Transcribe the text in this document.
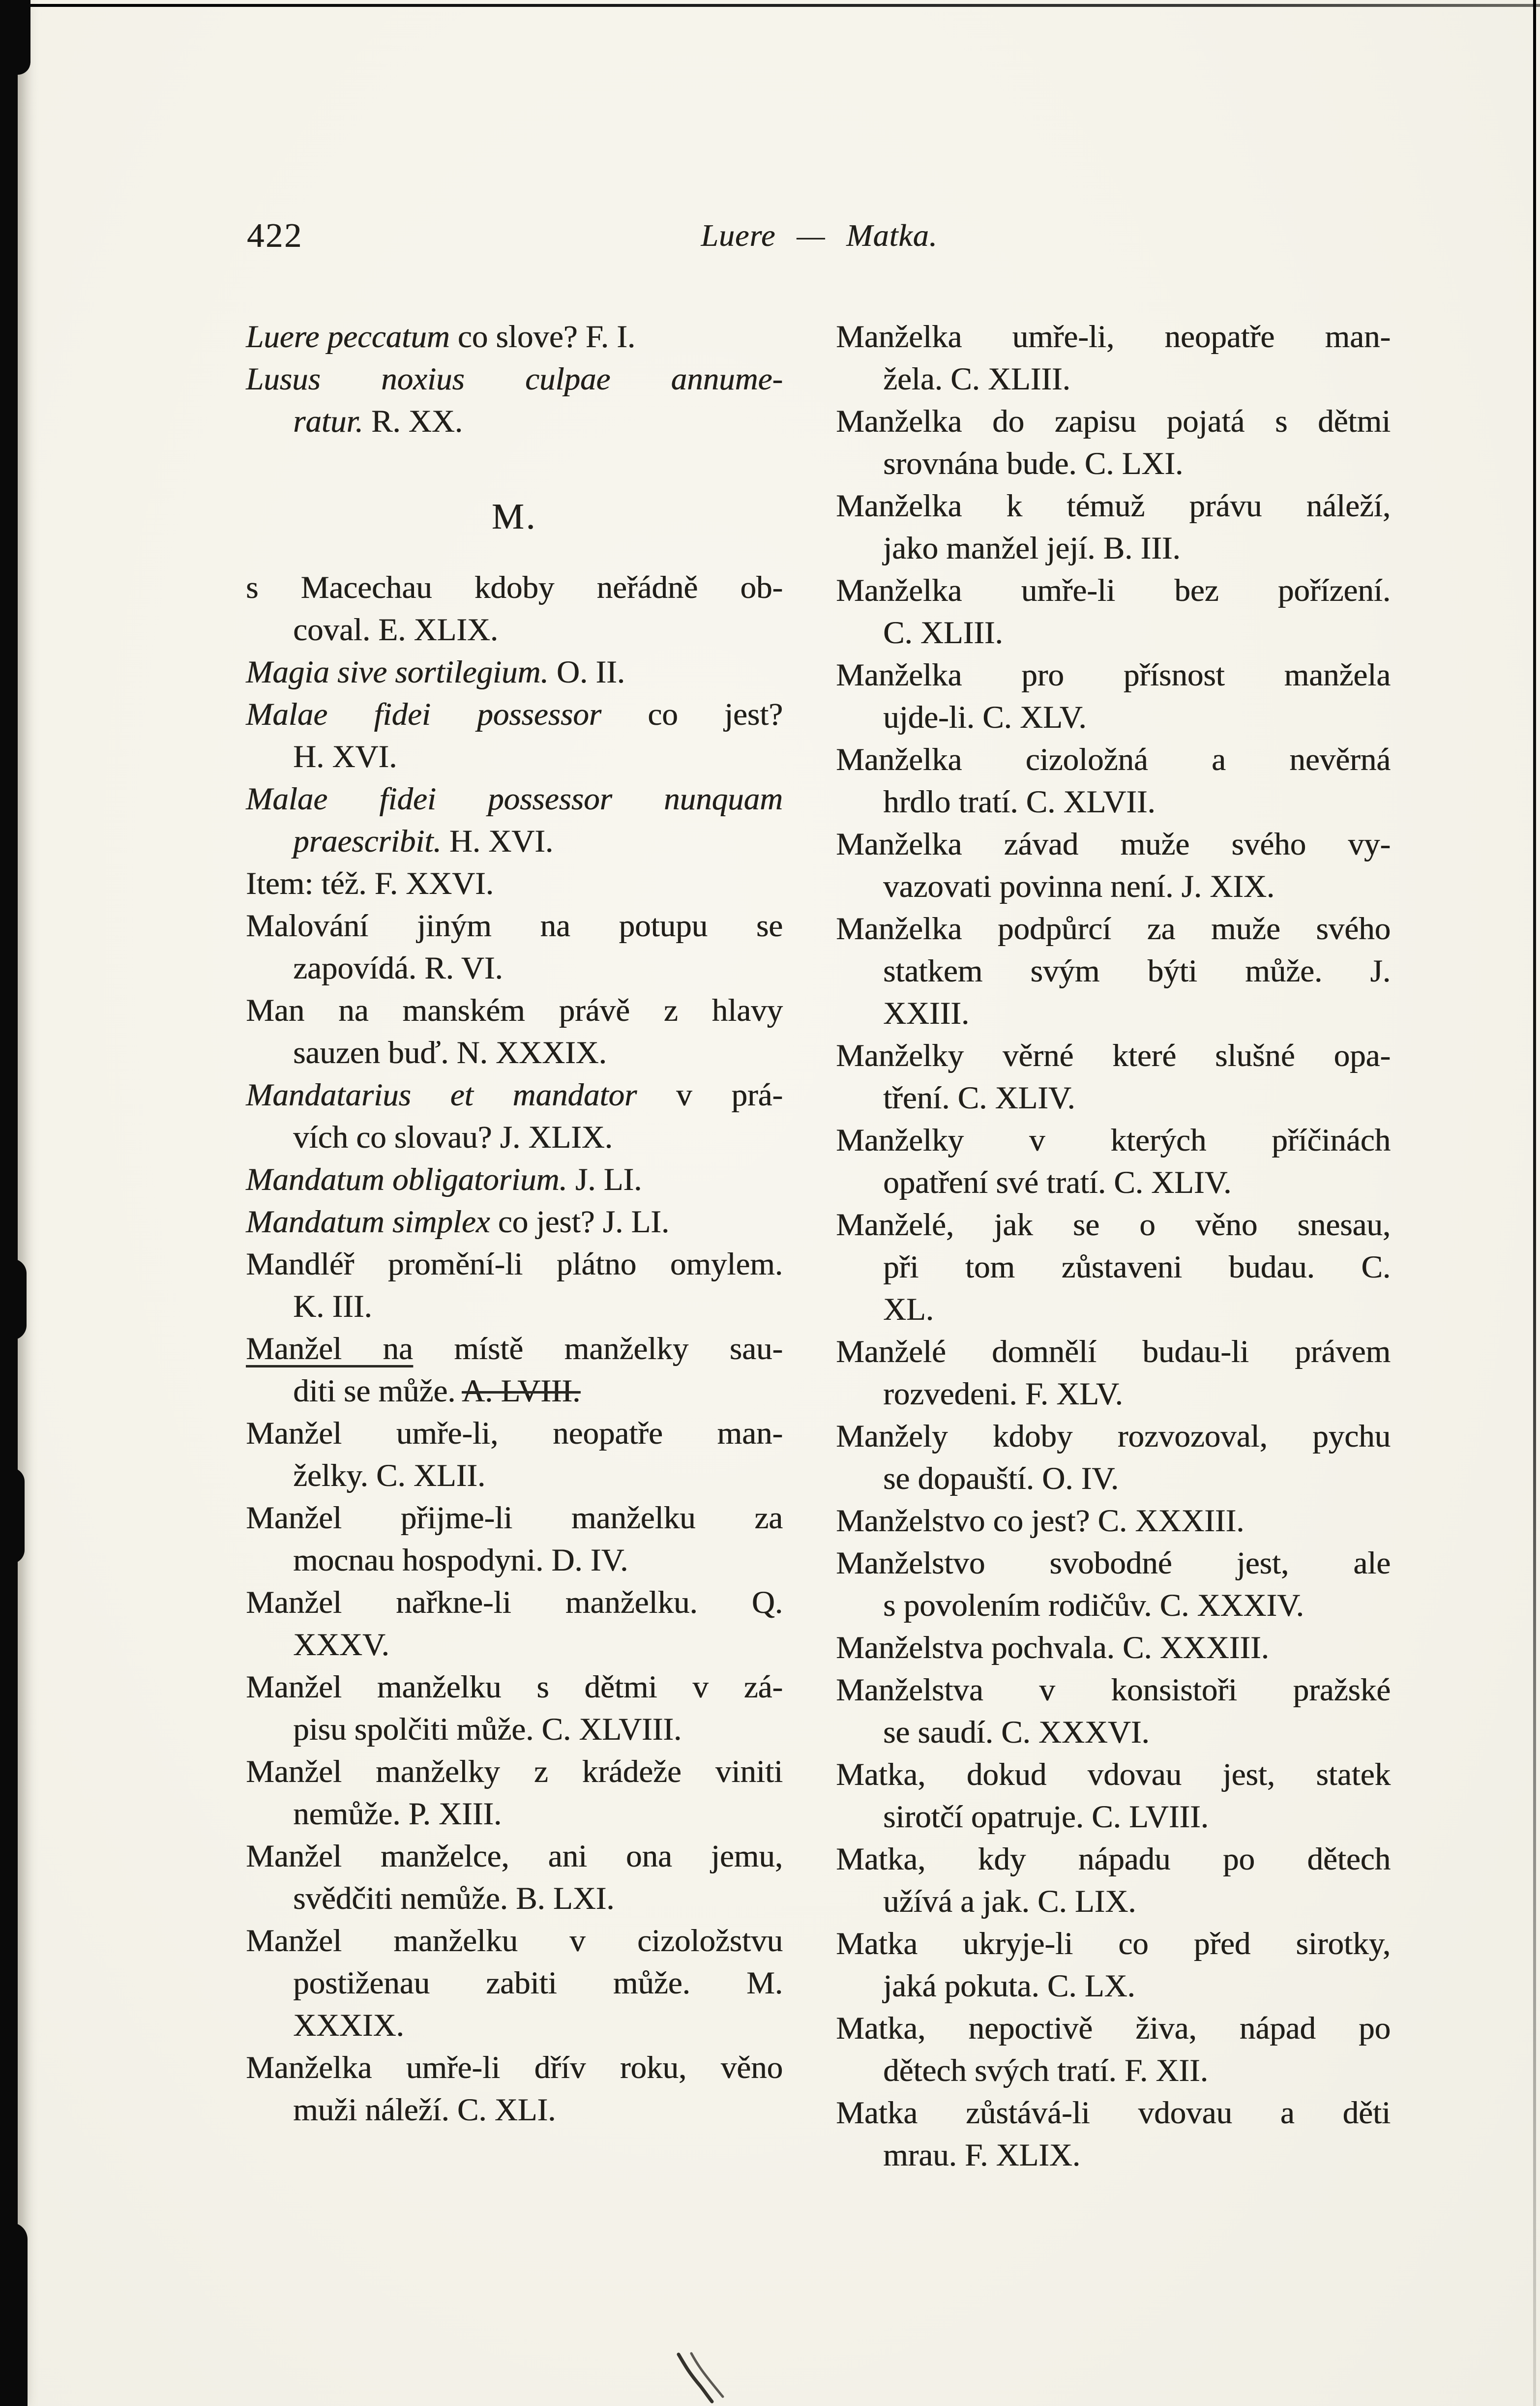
422	Luere — Matka.
Luere peccatum co slove? F. I.
Lusus noxius culpae annume-
ratur. R. XX.
M.
s Macechau kdoby neřádně ob-
coval. E. XLIX.
Magia sive sortilegium. O. II.
Malae fidei possessor co jest?
H. XVI.
Malae fidei possessor nunquam
praescribit. H. XVI.
Item: též. F. XXVI.
Malování jiným na potupu se
zapovídá. R. VI.
Man na manském právě z hlavy
sauzen buď. N. XXXIX.
Mandatarius et mandator v prá-
vích co slovau? J. XLIX.
Mandatum obligatorium. J. LI.
Mandatum simplex co jest? J. LI.
Mandléř promění-li plátno omylem.
K. III.
Manžel na místě manželky sau-
diti se může. A. LVIII.
Manžel umře-li, neopatře man-
želky. C. XLII.
Manžel přijme-li manželku za
mocnau hospodyni. D. IV.
Manžel nařkne-li manželku. Q.
XXXV.
Manžel manželku s dětmi v zá-
pisu spolčiti může. C. XLVIII.
Manžel manželky z krádeže viniti
nemůže. P. XIII.
Manžel manželce, ani ona jemu,
svědčiti nemůže. B. LXI.
Manžel manželku v cizoložstvu
postiženau zabiti může. M.
XXXIX.
Manželka umře-li dřív roku, věno
muži náleží. C. XLI.
Manželka umře-li, neopatře man-
žela. C. XLIII.
Manželka do zapisu pojatá s dětmi
srovnána bude. C. LXI.
Manželka k témuž právu náleží,
jako manžel její. B. III.
Manželka umře-li bez pořízení.
C. XLIII.
Manželka pro přísnost manžela
ujde-li. C. XLV.
Manželka cizoložná a nevěrná
hrdlo tratí. C. XLVII.
Manželka závad muže svého vy-
vazovati povinna není. J. XIX.
Manželka podpůrcí za muže svého
statkem svým býti může. J.
XXIII.
Manželky věrné které slušné opa-
tření. C. XLIV.
Manželky v kterých příčinách
opatření své tratí. C. XLIV.
Manželé, jak se o věno snesau,
při tom zůstaveni budau. C.
XL.
Manželé domnělí budau-li právem
rozvedeni. F. XLV.
Manžely kdoby rozvozoval, pychu
se dopauští. O. IV.
Manželstvo co jest? C. XXXIII.
Manželstvo svobodné jest, ale
s povolením rodičův. C. XXXIV.
Manželstva pochvala. C. XXXIII.
Manželstva v konsistoři pražské
se saudí. C. XXXVI.
Matka, dokud vdovau jest, statek
sirotčí opatruje. C. LVIII.
Matka, kdy nápadu po dětech
užívá a jak. C. LIX.
Matka ukryje-li co před sirotky,
jaká pokuta. C. LX.
Matka, nepoctivě živa, nápad po
dětech svých tratí. F. XII.
Matka zůstává-li vdovau a děti
mrau. F. XLIX.
